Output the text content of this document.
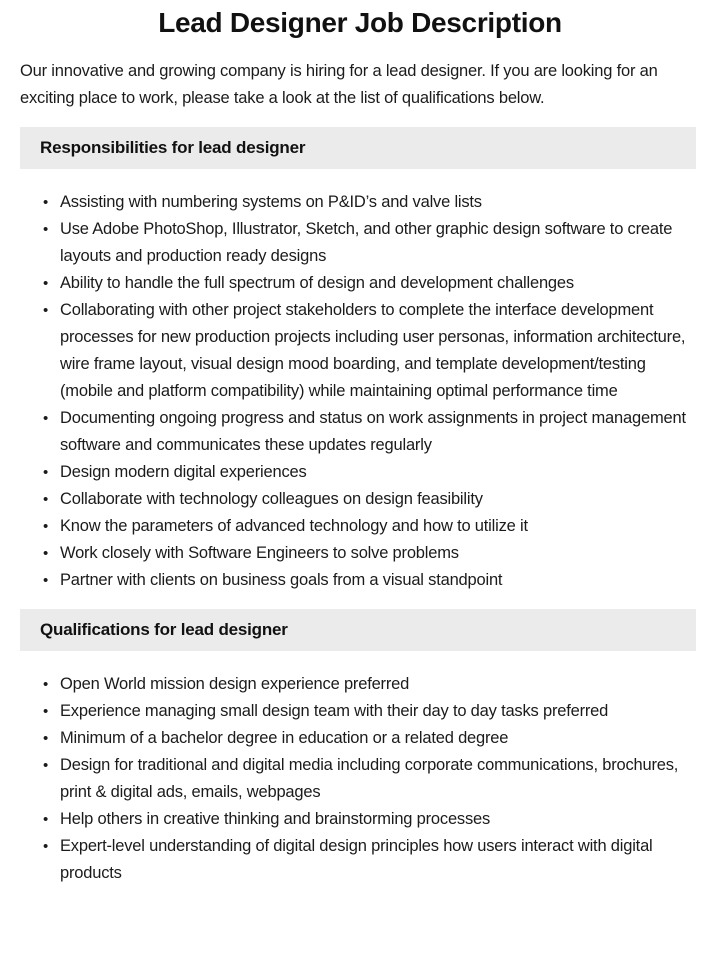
Lead Designer Job Description

Our innovative and growing company is hiring for a lead designer. If you are looking for an exciting place to work, please take a look at the list of qualifications below.

Responsibilities for lead designer
• Assisting with numbering systems on P&ID’s and valve lists
• Use Adobe PhotoShop, Illustrator, Sketch, and other graphic design software to create layouts and production ready designs
• Ability to handle the full spectrum of design and development challenges
• Collaborating with other project stakeholders to complete the interface development processes for new production projects including user personas, information architecture, wire frame layout, visual design mood boarding, and template development/testing (mobile and platform compatibility) while maintaining optimal performance time
• Documenting ongoing progress and status on work assignments in project management software and communicates these updates regularly
• Design modern digital experiences
• Collaborate with technology colleagues on design feasibility
• Know the parameters of advanced technology and how to utilize it
• Work closely with Software Engineers to solve problems
• Partner with clients on business goals from a visual standpoint
Qualifications for lead designer
• Open World mission design experience preferred
• Experience managing small design team with their day to day tasks preferred
• Minimum of a bachelor degree in education or a related degree
• Design for traditional and digital media including corporate communications, brochures, print & digital ads, emails, webpages
• Help others in creative thinking and brainstorming processes
• Expert-level understanding of digital design principles how users interact with digital products
